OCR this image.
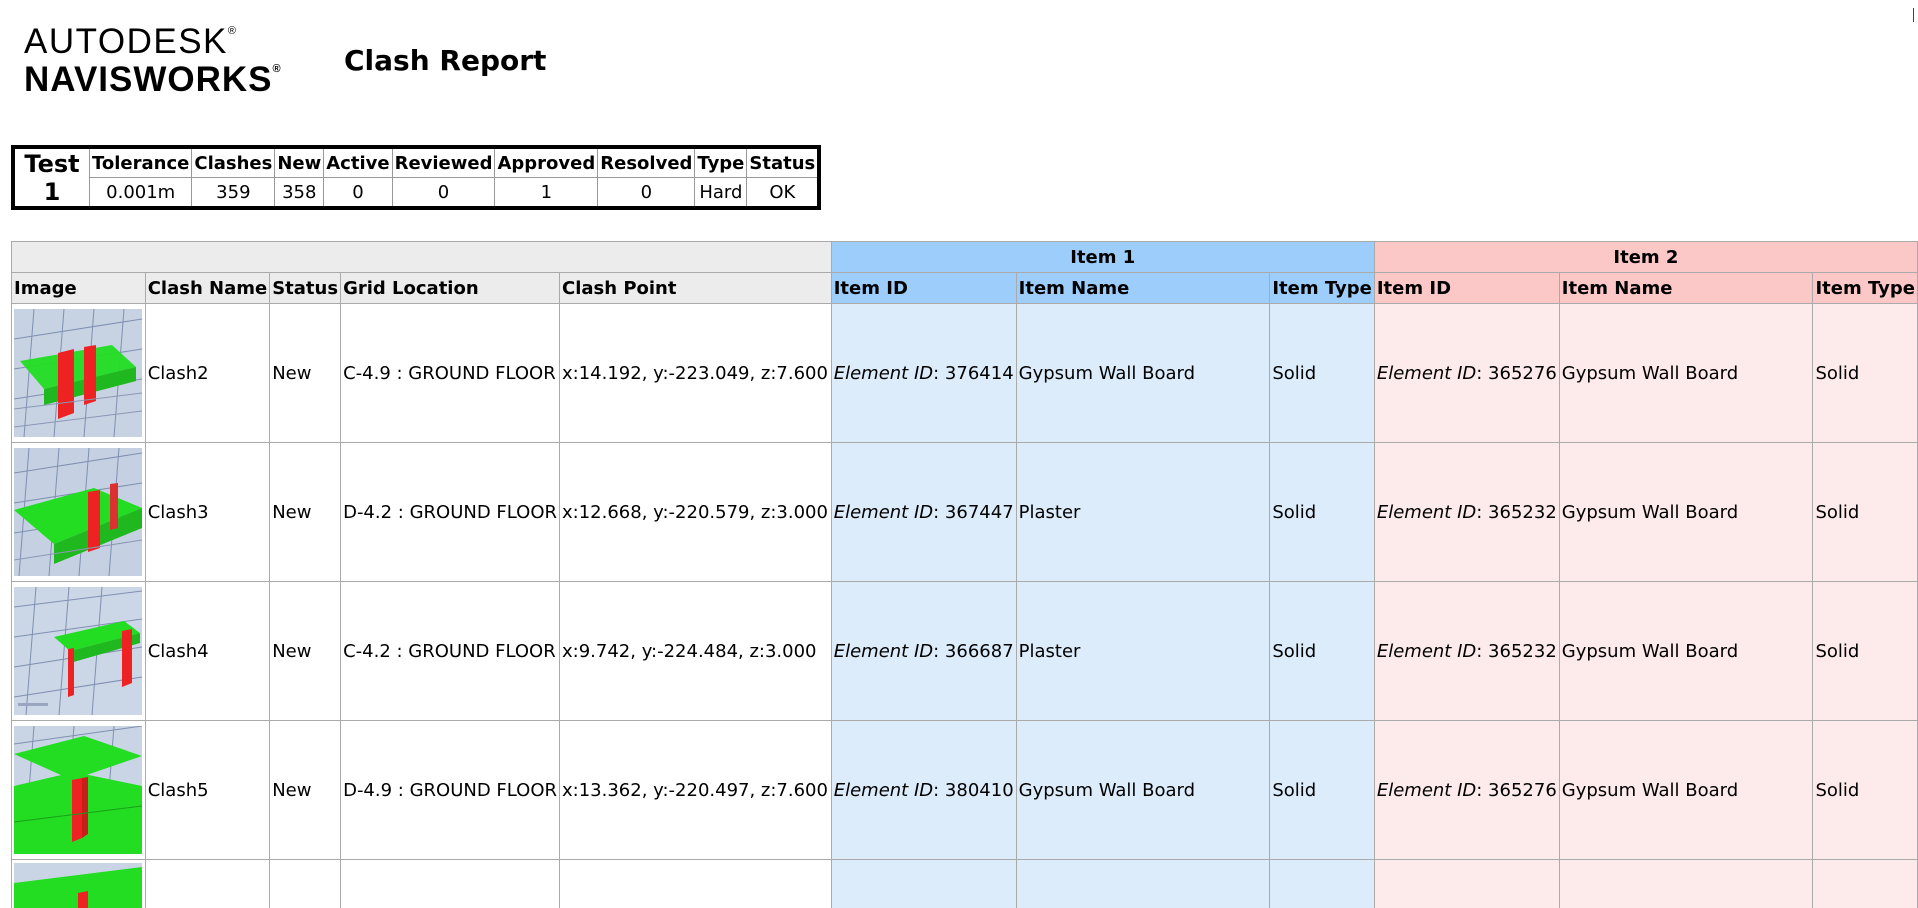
AUTODESK®
NAVISWORKS® Clash Report
Test 1	Tolerance	Clashes	New	Active	Reviewed	Approved	Resolved	Type	Status
	0.001m	359	358	0	0	1	0	Hard	OK
					Item 1			Item 2		
Image	Clash Name	Status	Grid Location	Clash Point	Item ID	Item Name	Item Type	Item ID	Item Name	Item Type

	Clash2	New	C-4.9 : GROUND FLOOR	x:14.192, y:-223.049, z:7.600	Element ID: 376414	Gypsum Wall Board	Solid	Element ID: 365276	Gypsum Wall Board	Solid

	Clash3	New	D-4.2 : GROUND FLOOR	x:12.668, y:-220.579, z:3.000	Element ID: 367447	Plaster	Solid	Element ID: 365232	Gypsum Wall Board	Solid

	Clash4	New	C-4.2 : GROUND FLOOR	x:9.742, y:-224.484, z:3.000	Element ID: 366687	Plaster	Solid	Element ID: 365232	Gypsum Wall Board	Solid

	Clash5	New	D-4.9 : GROUND FLOOR	x:13.362, y:-220.497, z:7.600	Element ID: 380410	Gypsum Wall Board	Solid	Element ID: 365276	Gypsum Wall Board	Solid
